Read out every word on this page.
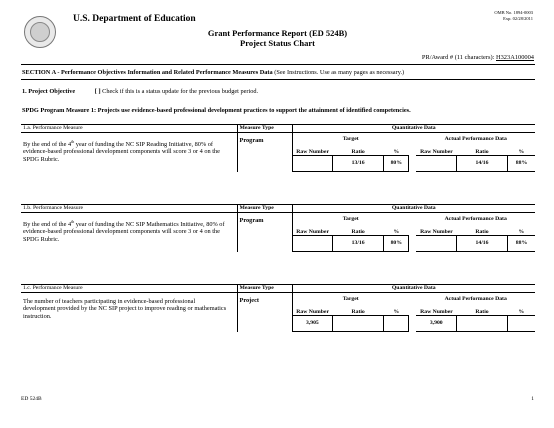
U.S. Department of Education
Grant Performance Report (ED 524B)
Project Status Chart
OMB No. 1894-0003
Exp. 02/28/2011
PR/Award # (11 characters): H323A100004
SECTION A - Performance Objectives Information and Related Performance Measures Data (See Instructions. Use as many pages as necessary.)
1. Project Objective	[ ] Check if this is a status update for the previous budget period.
SPDG Program Measure 1: Projects use evidence-based professional development practices to support the attainment of identified competencies.
1.a. Performance Measure	Measure Type	Quantitative Data
By the end of the 4th year of funding the NC SIP Reading Initiative, 80% of evidence-based professional development components will score 3 or 4 on the SPDG Rubric.	Program		Target		Actual Performance Data
Raw Number	Ratio	%		Raw Number	Ratio	%
	13/16	80%			14/16	88%
1.b. Performance Measure	Measure Type	Quantitative Data
By the end of the 4th year of funding the NC SIP Mathematics Initiative, 80% of evidence-based professional development components will score 3 or 4 on the SPDG Rubric.	Program		Target		Actual Performance Data
Raw Number	Ratio	%		Raw Number	Ratio	%
	13/16	80%			14/16	88%
1.c. Performance Measure	Measure Type	Quantitative Data
The number of teachers participating in evidence-based professional development provided by the NC SIP project to improve reading or mathematics instruction.	Project		Target		Actual Performance Data
Raw Number	Ratio	%		Raw Number	Ratio	%
3,905				3,900		
ED 524B	1
